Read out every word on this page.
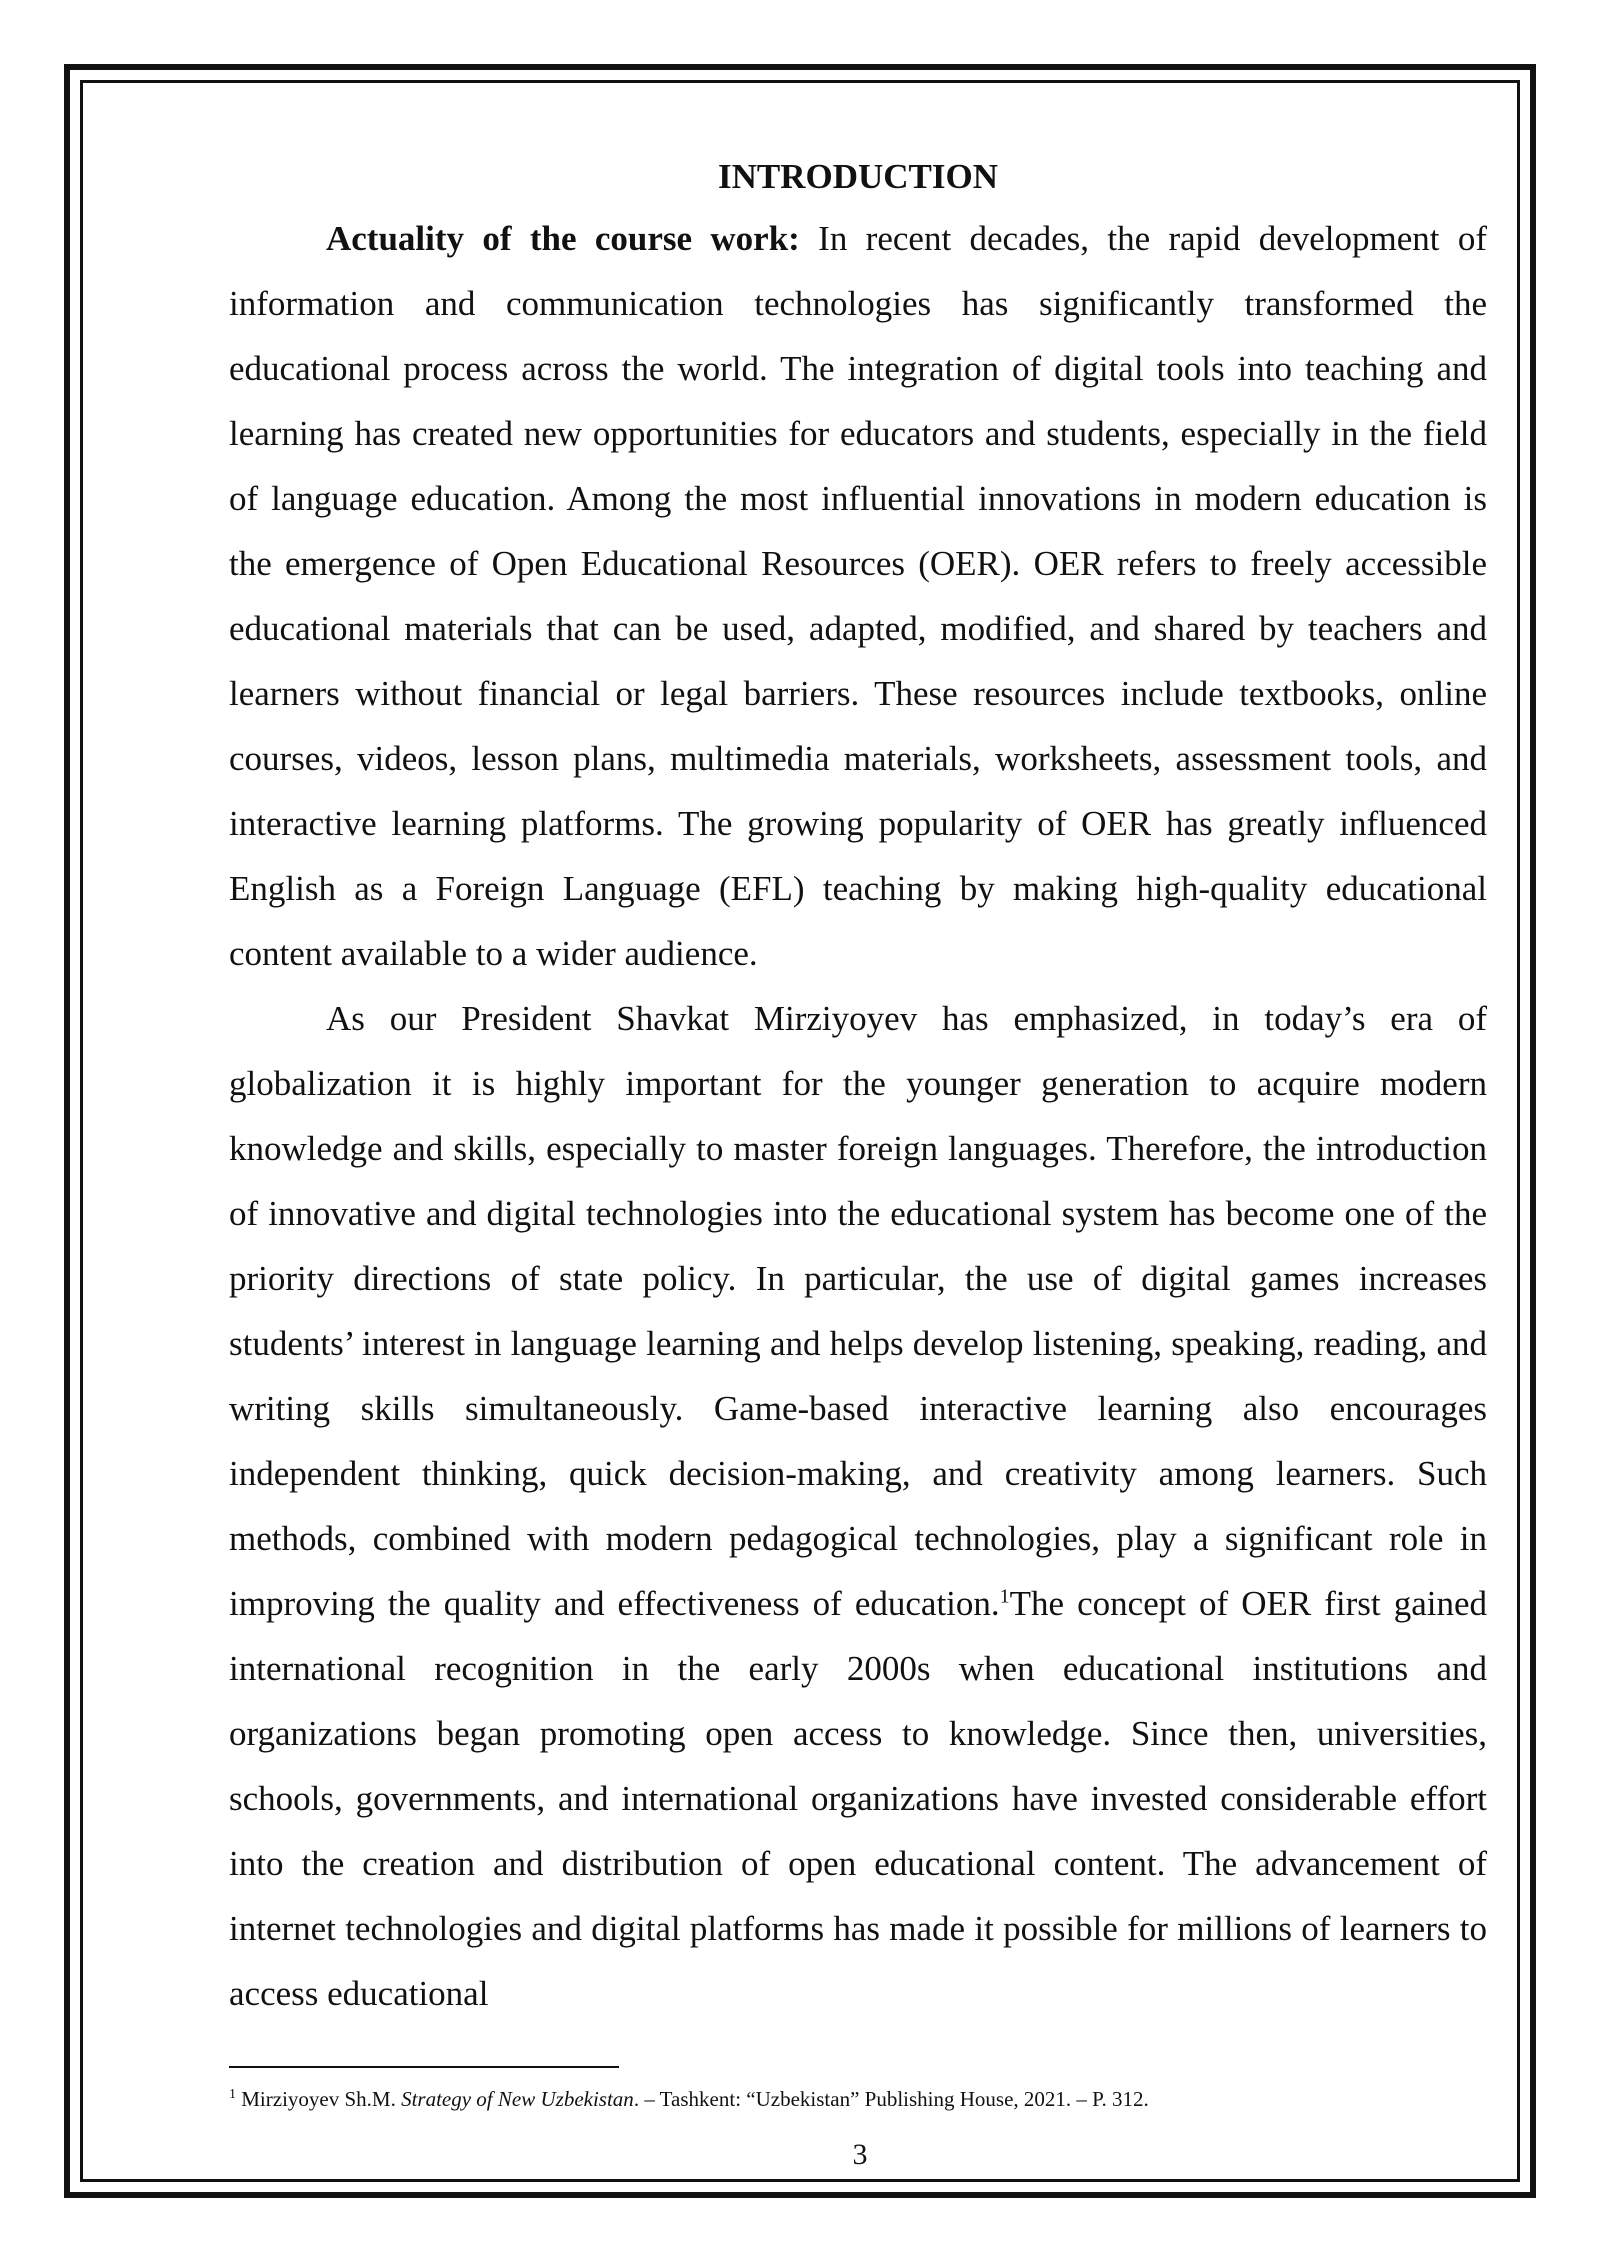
INTRODUCTION

Actuality of the course work: In recent decades, the rapid development of information and communication technologies has significantly transformed the educational process across the world. The integration of digital tools into teaching and learning has created new opportunities for educators and students, especially in the field of language education. Among the most influential innovations in modern education is the emergence of Open Educational Resources (OER). OER refers to freely accessible educational materials that can be used, adapted, modified, and shared by teachers and learners without financial or legal barriers. These resources include textbooks, online courses, videos, lesson plans, multimedia materials, worksheets, assessment tools, and interactive learning platforms. The growing popularity of OER has greatly influenced English as a Foreign Language (EFL) teaching by making high-quality educational content available to a wider audience.

As our President Shavkat Mirziyoyev has emphasized, in today’s era of globalization it is highly important for the younger generation to acquire modern knowledge and skills, especially to master foreign languages. Therefore, the introduction of innovative and digital technologies into the educational system has become one of the priority directions of state policy. In particular, the use of digital games increases students’ interest in language learning and helps develop listening, speaking, reading, and writing skills simultaneously. Game-based interactive learning also encourages independent thinking, quick decision-making, and creativity among learners. Such methods, combined with modern pedagogical technologies, play a significant role in improving the quality and effectiveness of education.$^1$The concept of OER first gained international recognition in the early 2000s when educational institutions and organizations began promoting open access to knowledge. Since then, universities, schools, governments, and international organizations have invested considerable effort into the creation and distribution of open educational content. The advancement of internet technologies and digital platforms has made it possible for millions of learners to access educational

$^1$ Mirziyoyev Sh.M. Strategy of New Uzbekistan. – Tashkent: “Uzbekistan” Publishing House, 2021. – P. 312.
3
